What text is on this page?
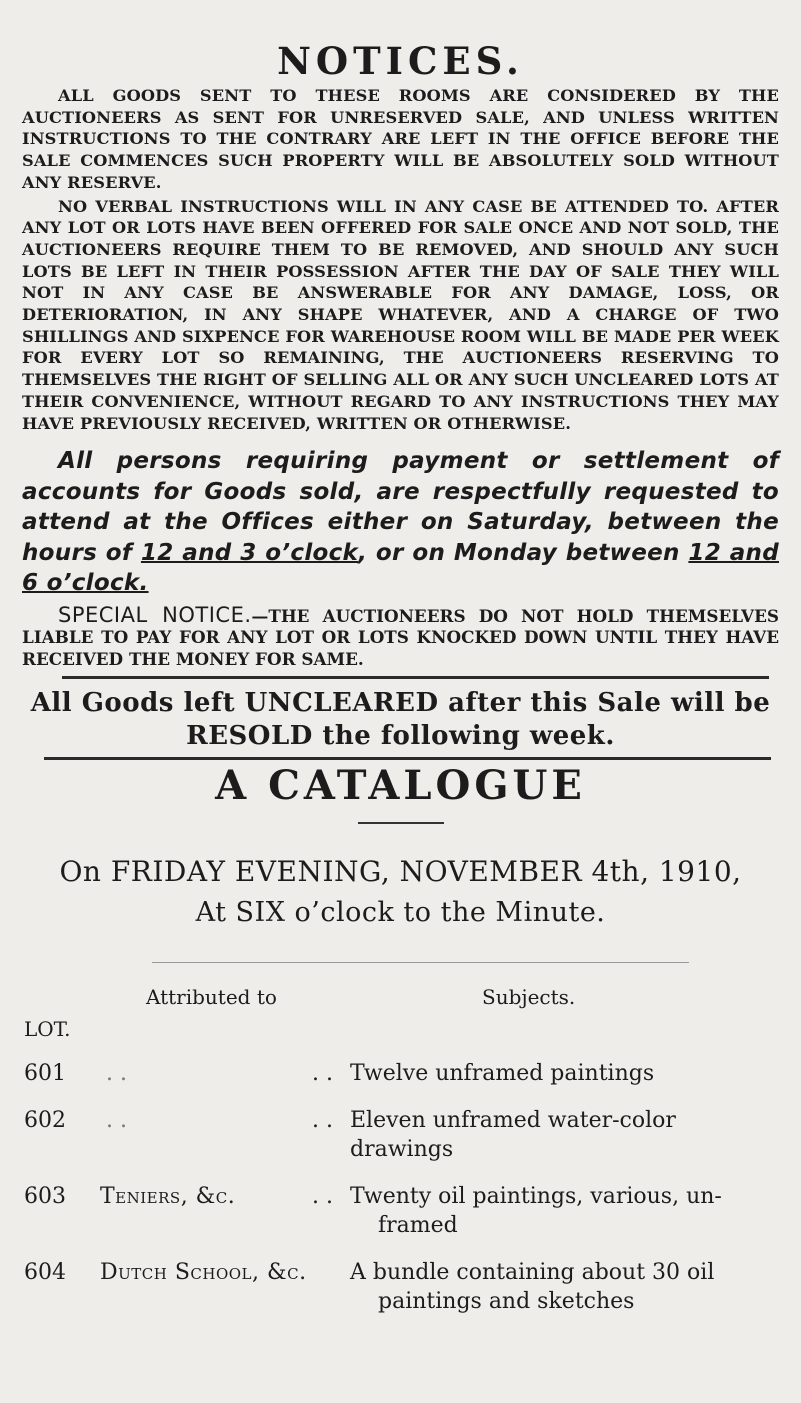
NOTICES.

ALL GOODS SENT TO THESE ROOMS ARE CONSIDERED BY THE AUCTIONEERS AS SENT FOR UNRESERVED SALE, AND UNLESS WRITTEN INSTRUCTIONS TO THE CONTRARY ARE LEFT IN THE OFFICE BEFORE THE SALE COMMENCES SUCH PROPERTY WILL BE ABSOLUTELY SOLD WITHOUT ANY RESERVE.

NO VERBAL INSTRUCTIONS WILL IN ANY CASE BE ATTENDED TO. AFTER ANY LOT OR LOTS HAVE BEEN OFFERED FOR SALE ONCE AND NOT SOLD, THE AUCTIONEERS REQUIRE THEM TO BE REMOVED, AND SHOULD ANY SUCH LOTS BE LEFT IN THEIR POSSESSION AFTER THE DAY OF SALE THEY WILL NOT IN ANY CASE BE ANSWERABLE FOR ANY DAMAGE, LOSS, OR DETERIORATION, IN ANY SHAPE WHATEVER, AND A CHARGE OF TWO SHILLINGS AND SIXPENCE FOR WAREHOUSE ROOM WILL BE MADE PER WEEK FOR EVERY LOT SO REMAINING, THE AUCTIONEERS RESERVING TO THEMSELVES THE RIGHT OF SELLING ALL OR ANY SUCH UNCLEARED LOTS AT THEIR CONVENIENCE, WITHOUT REGARD TO ANY INSTRUCTIONS THEY MAY HAVE PREVIOUSLY RECEIVED, WRITTEN OR OTHERWISE.

All persons requiring payment or settlement of accounts for Goods sold, are respectfully requested to attend at the Offices either on Saturday, between the hours of 12 and 3 o’clock, or on Monday between 12 and 6 o’clock.

SPECIAL NOTICE.—THE AUCTIONEERS DO NOT HOLD THEMSELVES LIABLE TO PAY FOR ANY LOT OR LOTS KNOCKED DOWN UNTIL THEY HAVE RECEIVED THE MONEY FOR SAME.

All Goods left UNCLEARED after this Sale will be RESOLD the following week.

A CATALOGUE

On FRIDAY EVENING, NOVEMBER 4th, 1910,

At SIX o’clock to the Minute.

Attributed to	Subjects.
LOT.
601 . .	. . Twelve unframed paintings
602 . .	. . Eleven unframed water-color drawings
603 Teniers, &c.	. . Twenty oil paintings, various, un-
framed
604 Dutch School, &c. A bundle containing about 30 oil
paintings and sketches
